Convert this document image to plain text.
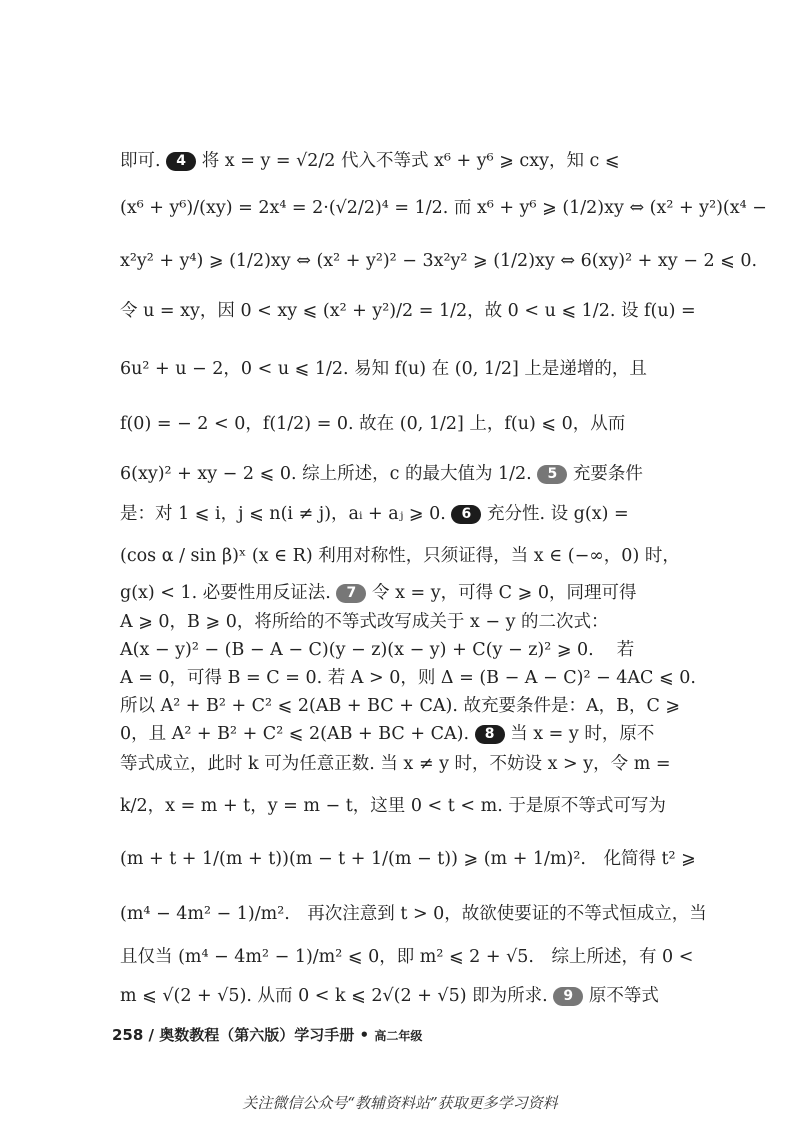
即可. 4 将 x = y = √2/2 代入不等式 x⁶ + y⁶ ⩾ cxy，知 c ⩽
(x⁶ + y⁶)/(xy) = 2x⁴ = 2·(√2/2)⁴ = 1/2. 而 x⁶ + y⁶ ⩾ (1/2)xy ⇔ (x² + y²)(x⁴ −
x²y² + y⁴) ⩾ (1/2)xy ⇔ (x² + y²)² − 3x²y² ⩾ (1/2)xy ⇔ 6(xy)² + xy − 2 ⩽ 0.
令 u = xy，因 0 < xy ⩽ (x² + y²)/2 = 1/2，故 0 < u ⩽ 1/2. 设 f(u) =
6u² + u − 2，0 < u ⩽ 1/2. 易知 f(u) 在 (0, 1/2] 上是递增的，且
f(0) = − 2 < 0，f(1/2) = 0. 故在 (0, 1/2] 上，f(u) ⩽ 0，从而
6(xy)² + xy − 2 ⩽ 0. 综上所述，c 的最大值为 1/2. 5 充要条件
是：对 1 ⩽ i，j ⩽ n(i ≠ j)，aᵢ + aⱼ ⩾ 0. 6 充分性. 设 g(x) =
(cos α / sin β)ˣ (x ∈ R) 利用对称性，只须证得，当 x ∈ (−∞，0) 时，
g(x) < 1. 必要性用反证法. 7 令 x = y，可得 C ⩾ 0，同理可得
A ⩾ 0，B ⩾ 0，将所给的不等式改写成关于 x − y 的二次式：
A(x − y)² − (B − A − C)(y − z)(x − y) + C(y − z)² ⩾ 0.　 若
A = 0，可得 B = C = 0. 若 A > 0，则 Δ = (B − A − C)² − 4AC ⩽ 0.
所以 A² + B² + C² ⩽ 2(AB + BC + CA). 故充要条件是：A，B，C ⩾
0，且 A² + B² + C² ⩽ 2(AB + BC + CA). 8 当 x = y 时，原不
等式成立，此时 k 可为任意正数. 当 x ≠ y 时，不妨设 x > y，令 m =
k/2，x = m + t，y = m − t，这里 0 < t < m. 于是原不等式可写为
(m + t + 1/(m + t))(m − t + 1/(m − t)) ⩾ (m + 1/m)².　化简得 t² ⩾
(m⁴ − 4m² − 1)/m².　再次注意到 t > 0，故欲使要证的不等式恒成立，当
且仅当 (m⁴ − 4m² − 1)/m² ⩽ 0，即 m² ⩽ 2 + √5.　综上所述，有 0 <
m ⩽ √(2 + √5). 从而 0 < k ⩽ 2√(2 + √5) 即为所求. 9 原不等式
258 / 奥数教程（第六版）学习手册 • 高二年级
关注微信公众号“教辅资料站”获取更多学习资料
